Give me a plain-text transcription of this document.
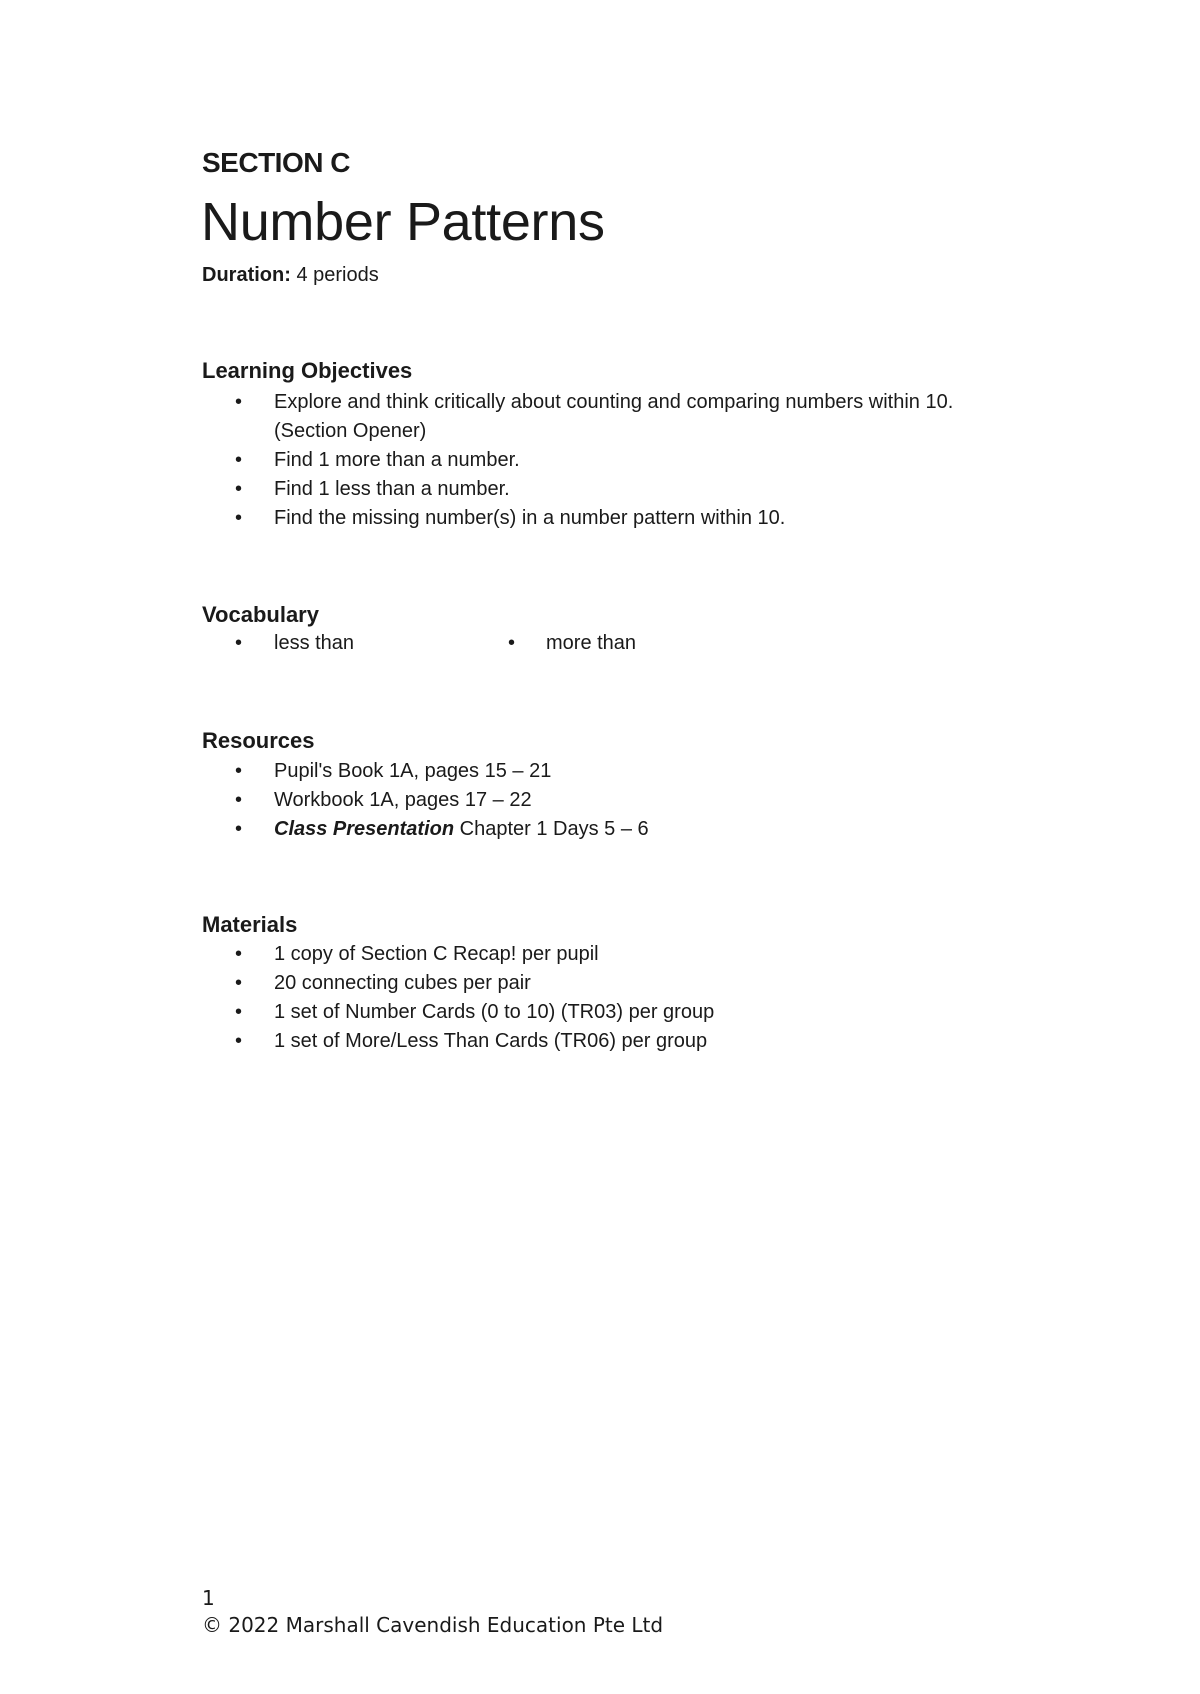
SECTION C
Number Patterns
Duration: 4 periods
Learning Objectives
• Explore and think critically about counting and comparing numbers within 10. (Section Opener)
• Find 1 more than a number.
• Find 1 less than a number.
• Find the missing number(s) in a number pattern within 10.
Vocabulary
• less than	• more than
Resources
• Pupil's Book 1A, pages 15 – 21
• Workbook 1A, pages 17 – 22
• Class Presentation Chapter 1 Days 5 – 6
Materials
• 1 copy of Section C Recap! per pupil
• 20 connecting cubes per pair
• 1 set of Number Cards (0 to 10) (TR03) per group
• 1 set of More/Less Than Cards (TR06) per group
1
© 2022 Marshall Cavendish Education Pte Ltd
